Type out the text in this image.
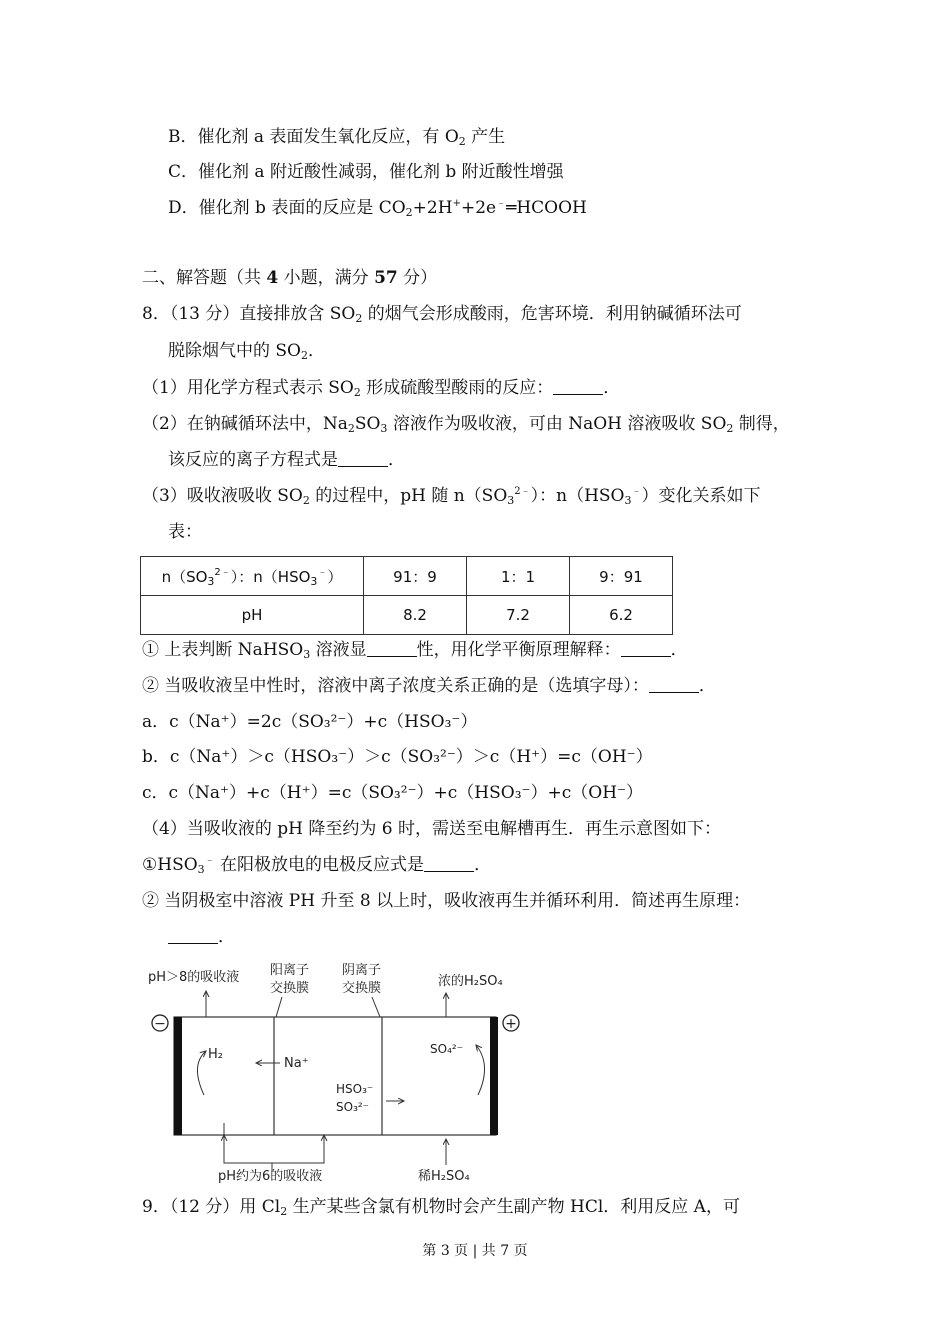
B．催化剂 a 表面发生氧化反应，有 $O_2$ 产生
C．催化剂 a 附近酸性减弱，催化剂 b 附近酸性增强
D．催化剂 b 表面的反应是 $CO_2+2H^++2e^﹣═HCOOH$
二、解答题（共 4 小题，满分 57 分）
8．（13 分）直接排放含 $SO_2$ 的烟气会形成酸雨，危害环境．利用钠碱循环法可
脱除烟气中的 $SO_2$．
（1）用化学方程式表示 $SO_2$ 形成硫酸型酸雨的反应：	．
（2）在钠碱循环法中，$Na_2SO_3$ 溶液作为吸收液，可由 NaOH 溶液吸收 $SO_2$ 制得，
该反应的离子方程式是	．
（3）吸收液吸收 $SO_2$ 的过程中，pH 随 $n(SO_3^{2﹣})$：$n(HSO_3^﹣)$变化关系如下
表：
$n(SO_3^{2﹣})$：$n(HSO_3^﹣)$	91：9	1：1	9：91
pH	8.2	7.2	6.2
① 上表判断 NaHSO$_3$ 溶液显	性，用化学平衡原理解释：	．
② 当吸收液呈中性时，溶液中离子浓度关系正确的是（选填字母）：	．
a．c（Na⁺）=2c（SO₃²⁻）+c（HSO₃⁻）
b．c（Na⁺）＞c（HSO₃⁻）＞c（SO₃²⁻）＞c（H⁺）=c（OH⁻）
c．c（Na⁺）+c（H⁺）=c（SO₃²⁻）+c（HSO₃⁻）+c（OH⁻）
（4）当吸收液的 pH 降至约为 6 时，需送至电解槽再生．再生示意图如下：
$①HSO_3^﹣$ 在阳极放电的电极反应式是	．
② 当阴极室中溶液 PH 升至 8 以上时，吸收液再生并循环利用．简述再生原理：
．
−	+
pH＞8的吸收液 阳离子
交换膜
阴离子
交换膜	浓的H₂SO₄
H₂
Na⁺
HSO₃⁻
SO₃²⁻
SO₄²⁻
pH约为6的吸收液	稀H₂SO₄
9．（12 分）用 $Cl_2$ 生产某些含氯有机物时会产生副产物 HCl．利用反应 A，可
第 3 页 | 共 7 页
